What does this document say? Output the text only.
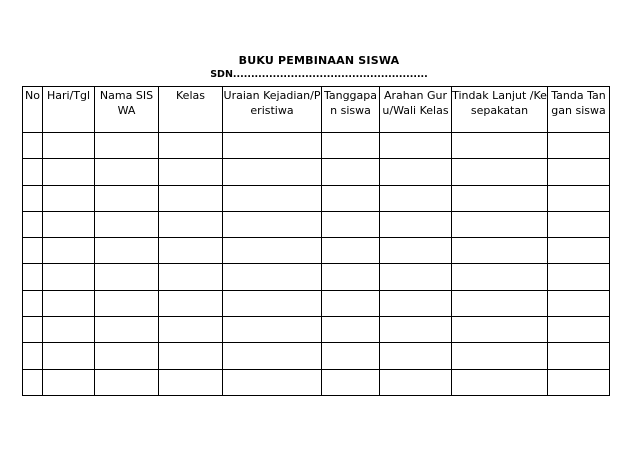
BUKU PEMBINAAN SISWA
SDN......................................................
No	Hari/Tgl	Nama SISWA	Kelas	Uraian Kejadian/Peristiwa	Tanggapan siswa	Arahan Guru/Wali Kelas	Tindak Lanjut /Kesepakatan	Tanda Tangan siswa
